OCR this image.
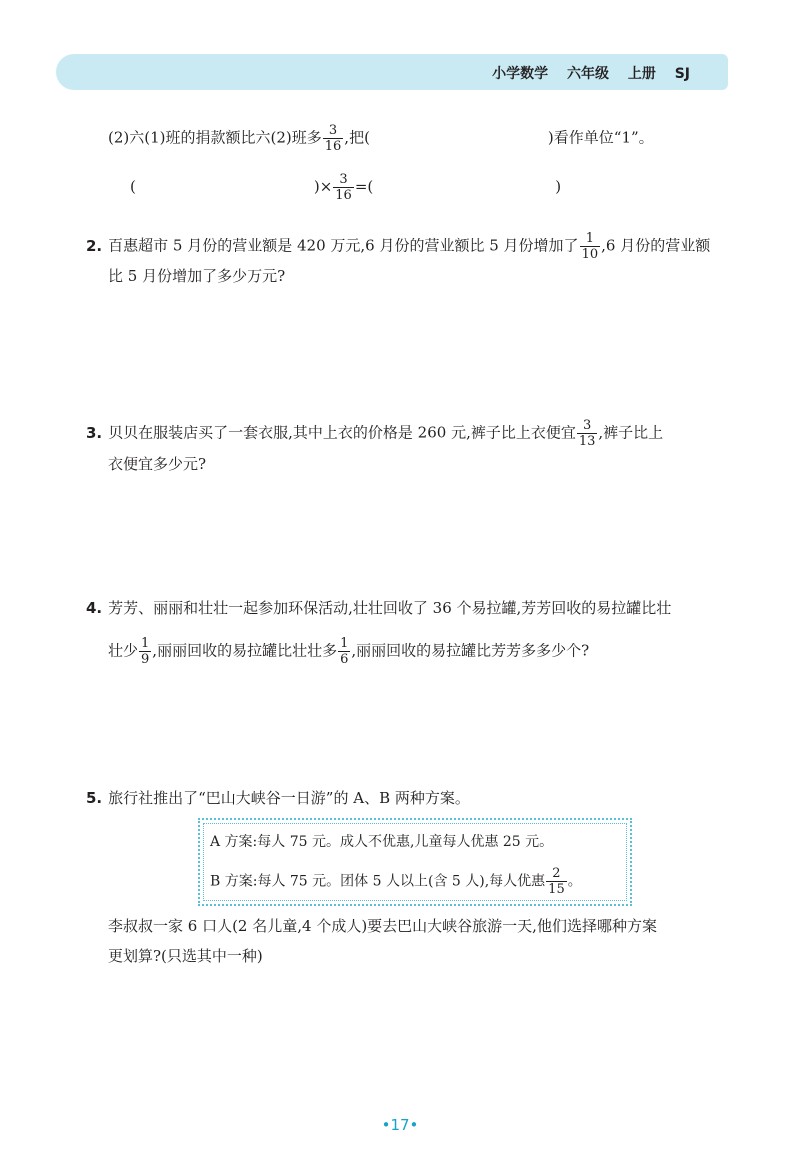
小学数学 六年级 上册 SJ
(2)六(1)班的捐款额比六(2)班多 $\frac{3}{16}$ ,把(	)看作单位“1”。
(	)× $\frac{3}{16}$ =(	)
2. 百惠超市 5 月份的营业额是 420 万元,6 月份的营业额比 5 月份增加了 $\frac{1}{10} ,6$ 月份的营业额
比 5 月份增加了多少万元?
3. 贝贝在服装店买了一套衣服,其中上衣的价格是 260 元,裤子比上衣便宜 $\frac{3}{13}$ ,裤子比上
衣便宜多少元?
4. 芳芳、丽丽和壮壮一起参加环保活动,壮壮回收了 36 个易拉罐,芳芳回收的易拉罐比壮
壮少 $\frac{1}{9}$ ,丽丽回收的易拉罐比壮壮多 $\frac{1}{6}$ ,丽丽回收的易拉罐比芳芳多多少个?
5. 旅行社推出了“巴山大峡谷一日游”的 A、B 两种方案。
A 方案:每人 75 元。成人不优惠,儿童每人优惠 25 元。
B 方案:每人 75 元。团体 5 人以上(含 5 人),每人优惠 $\frac{2}{15}$ 。
李叔叔一家 6 口人(2 名儿童,4 个成人)要去巴山大峡谷旅游一天,他们选择哪种方案
更划算?(只选其中一种)
•17•
